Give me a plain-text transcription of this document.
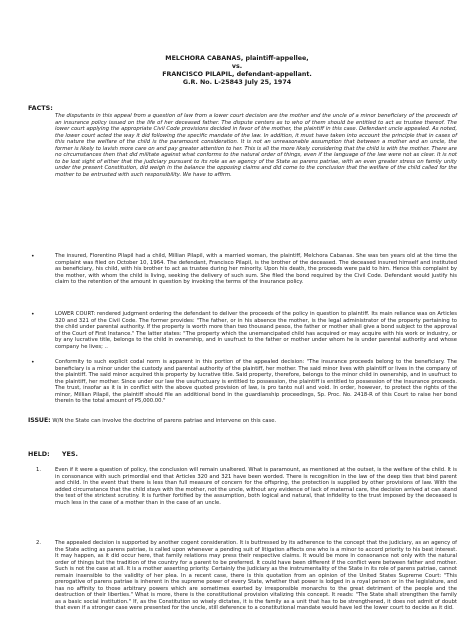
MELCHORA CABANAS, plaintiff-appellee,
vs.
FRANCISCO PILAPIL, defendant-appellant.
G.R. No. L-25843 July 25, 1974
FACTS:

The disputants in this appeal from a question of law from a lower court decision are the mother and the uncle of a minor beneficiary of the proceeds of an insurance policy issued on the life of her deceased father. The dispute centers as to who of them should be entitled to act as trustee thereof. The lower court applying the appropriate Civil Code provisions decided in favor of the mother, the plaintiff in this case. Defendant uncle appealed. As noted, the lower court acted the way it did following the specific mandate of the law. In addition, it must have taken into account the principle that in cases of this nature the welfare of the child is the paramount consideration. It is not an unreasonable assumption that between a mother and an uncle, the former is likely to lavish more care on and pay greater attention to her. This is all the more likely considering that the child is with the mother. There are no circumstances then that did militate against what conforms to the natural order of things, even if the language of the law were not as clear. It is not to be lost sight of either that the judiciary pursuant to its role as an agency of the State as parens patriae, with an even greater stress on family unity under the present Constitution, did weigh in the balance the opposing claims and did come to the conclusion that the welfare of the child called for the mother to be entrusted with such responsibility. We have to affirm.

•	The insured, Florentino Pilapil had a child, Millian Pilapil, with a married woman, the plaintiff, Melchora Cabanas. She was ten years old at the time the complaint was filed on October 10, 1964. The defendant, Francisco Pilapil, is the brother of the deceased. The deceased insured himself and instituted as beneficiary, his child, with his brother to act as trustee during her minority. Upon his death, the proceeds were paid to him. Hence this complaint by the mother, with whom the child is living, seeking the delivery of such sum. She filed the bond required by the Civil Code. Defendant would justify his claim to the retention of the amount in question by invoking the terms of the insurance policy.

•	LOWER COURT: rendered judgment ordering the defendant to deliver the proceeds of the policy in question to plaintiff. Its main reliance was on Articles 320 and 321 of the Civil Code. The former provides: "The father, or in his absence the mother, is the legal administrator of the property pertaining to the child under parental authority. If the property is worth more than two thousand pesos, the father or mother shall give a bond subject to the approval of the Court of First Instance." The latter states: "The property which the unemancipated child has acquired or may acquire with his work or industry, or by any lucrative title, belongs to the child in ownership, and in usufruct to the father or mother under whom he is under parental authority and whose company he lives; ..

•	Conformity to such explicit codal norm is apparent in this portion of the appealed decision: "The insurance proceeds belong to the beneficiary. The beneficiary is a minor under the custody and parental authority of the plaintiff, her mother. The said minor lives with plaintiff or lives in the company of the plaintiff. The said minor acquired this property by lucrative title. Said property, therefore, belongs to the minor child in ownership, and in usufruct to the plaintiff, her mother. Since under our law the usufructuary is entitled to possession, the plaintiff is entitled to possession of the insurance proceeds. The trust, insofar as it is in conflict with the above quoted provision of law, is pro tanto null and void. In order, however, to protect the rights of the minor, Millian Pilapil, the plaintiff should file an additional bond in the guardianship proceedings, Sp. Proc. No. 2418-R of this Court to raise her bond therein to the total amount of P5,000.00."

ISSUE: W/N the State can involve the doctrine of parens patriae and intervene on this case.
HELD: YES.
1.	Even if it were a question of policy, the conclusion will remain unaltered. What is paramount, as mentioned at the outset, is the welfare of the child. It is in consonance with such primordial end that Articles 320 and 321 have been worded. There is recognition in the law of the deep ties that bind parent and child. In the event that there is less than full measure of concern for the offspring, the protection is supplied by other provisions of law. With the added circumstance that the child stays with the mother, not the uncle, without any evidence of lack of maternal care, the decision arrived at can stand the test of the strictest scrutiny. It is further fortified by the assumption, both logical and natural, that infidelity to the trust imposed by the deceased is much less in the case of a mother than in the case of an uncle.

2.	The appealed decision is supported by another cogent consideration. It is buttressed by its adherence to the concept that the judiciary, as an agency of the State acting as parens patriae, is called upon whenever a pending suit of litigation affects one who is a minor to accord priority to his best interest. It may happen, as it did occur here, that family relations may press their respective claims. It would be more in consonance not only with the natural order of things but the tradition of the country for a parent to be preferred. It could have been different if the conflict were between father and mother. Such is not the case at all. It is a mother asserting priority. Certainly the judiciary as the instrumentality of the State in its role of parens patriae, cannot remain insensible to the validity of her plea. In a recent case, there is this quotation from an opinion of the United States Supreme Court: "This prerogative of parens patriae is inherent in the supreme power of every State, whether that power is lodged in a royal person or in the legislature, and has no affinity to those arbitrary powers which are sometimes exerted by irresponsible monarchs to the great detriment of the people and the destruction of their liberties." What is more, there is the constitutional provision vitalizing this concept. It reads: "The State shall strengthen the family as a basic social institution." If, as the Constitution so wisely dictates, it is the family as a unit that has to be strengthened, it does not admit of doubt that even if a stronger case were presented for the uncle, still deference to a constitutional mandate would have led the lower court to decide as it did.
